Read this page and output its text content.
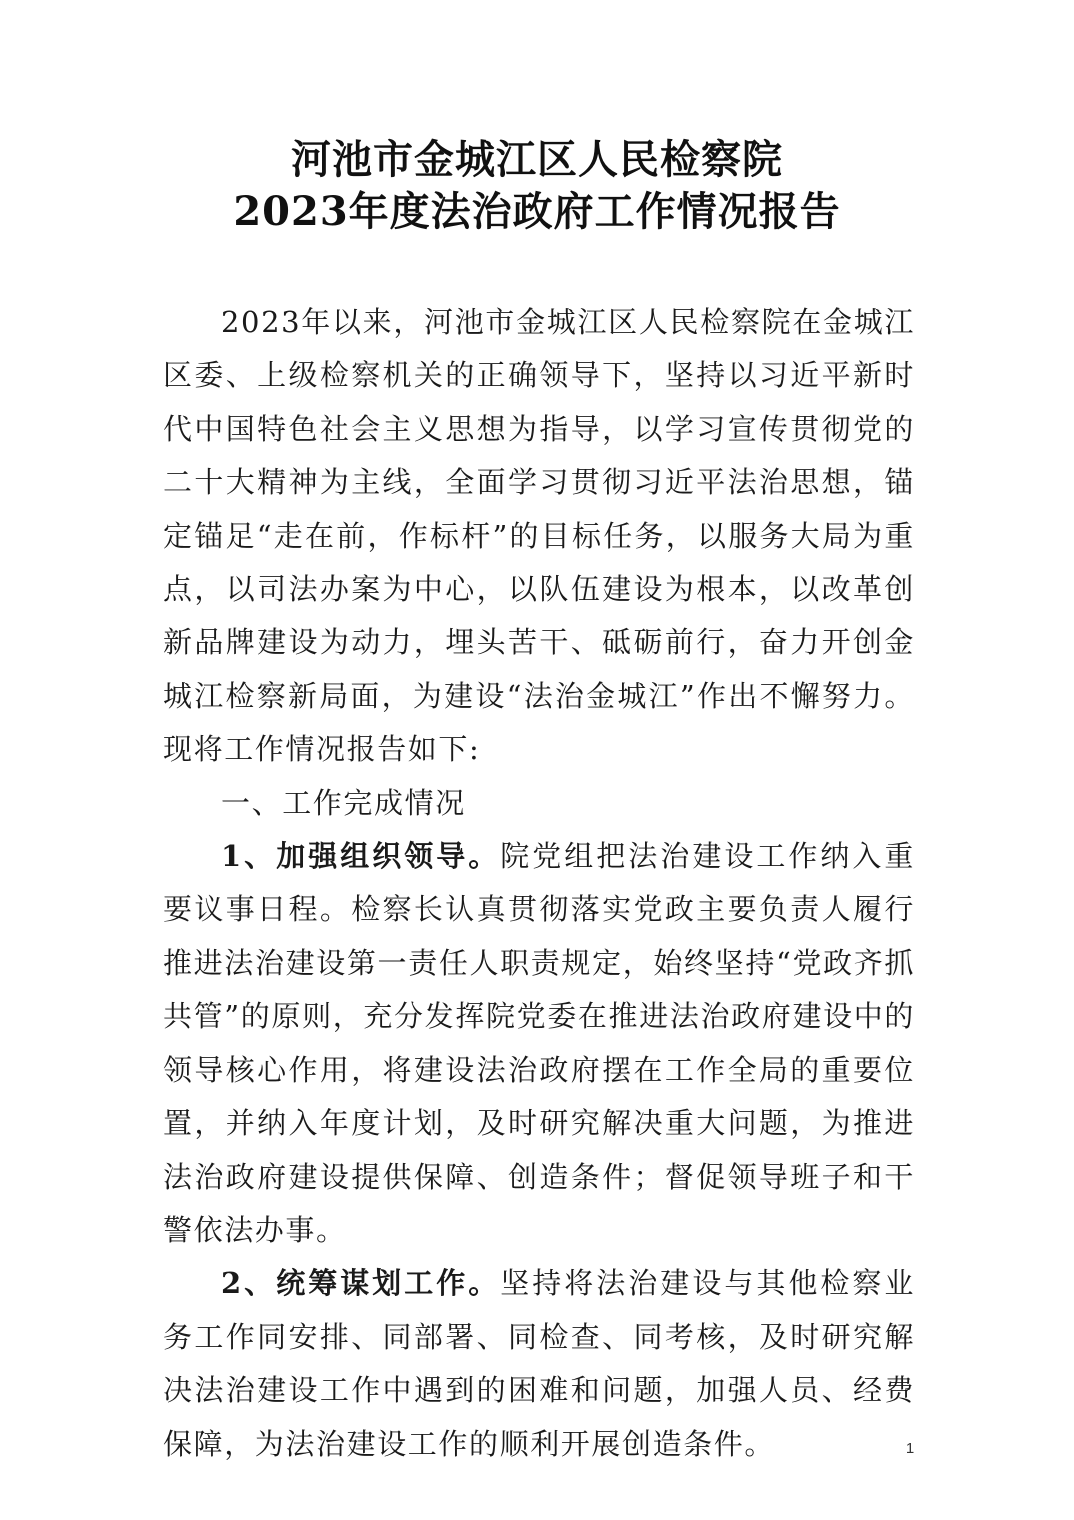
河池市金城江区人民检察院
2023年度法治政府工作情况报告

2023年以来，河池市金城江区人民检察院在金城江区委、上级检察机关的正确领导下，坚持以习近平新时代中国特色社会主义思想为指导，以学习宣传贯彻党的二十大精神为主线，全面学习贯彻习近平法治思想，锚定锚足“走在前，作标杆”的目标任务，以服务大局为重点，以司法办案为中心，以队伍建设为根本，以改革创新品牌建设为动力，埋头苦干、砥砺前行，奋力开创金城江检察新局面，为建设“法治金城江”作出不懈努力。现将工作情况报告如下:

一、工作完成情况

1、加强组织领导。院党组把法治建设工作纳入重要议事日程。检察长认真贯彻落实党政主要负责人履行推进法治建设第一责任人职责规定，始终坚持“党政齐抓共管”的原则，充分发挥院党委在推进法治政府建设中的领导核心作用，将建设法治政府摆在工作全局的重要位置，并纳入年度计划，及时研究解决重大问题，为推进法治政府建设提供保障、创造条件；督促领导班子和干警依法办事。

2、统筹谋划工作。坚持将法治建设与其他检察业务工作同安排、同部署、同检查、同考核，及时研究解决法治建设工作中遇到的困难和问题，加强人员、经费保障，为法治建设工作的顺利开展创造条件。	1
